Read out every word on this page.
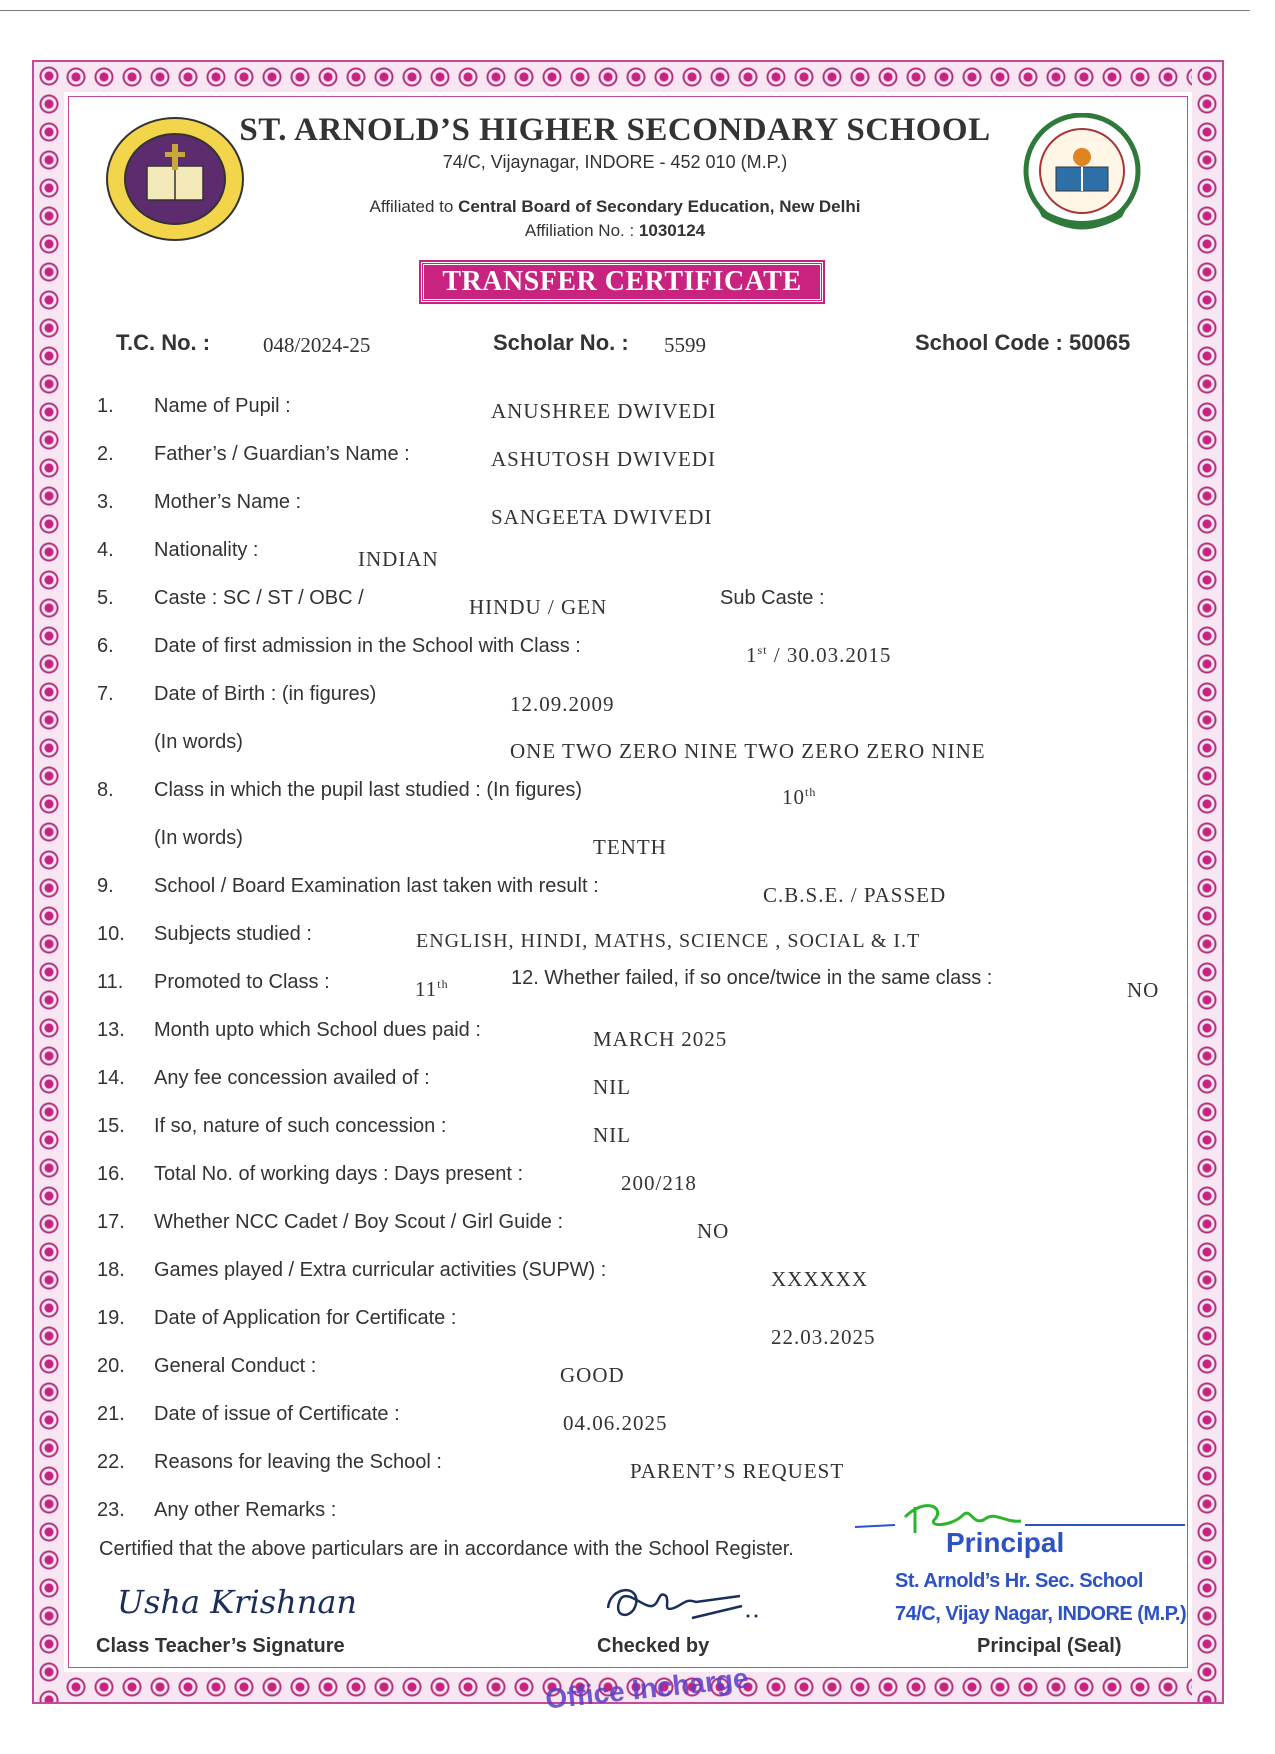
ST. ARNOLD’S HIGHER SECONDARY SCHOOL
74/C, Vijaynagar, INDORE - 452 010 (M.P.)
Affiliated to Central Board of Secondary Education, New Delhi
Affiliation No. : 1030124
TRANSFER CERTIFICATE
T.C. No. :	048/2024-25	Scholar No. : 5599	School Code : 50065
1. Name of Pupil :	ANUSHREE DWIVEDI
2. Father’s / Guardian’s Name :	ASHUTOSH DWIVEDI
3. Mother’s Name :
SANGEETA DWIVEDI
4. Nationality :	INDIAN
5. Caste : SC / ST / OBC /	HINDU / GEN	Sub Caste :
6. Date of first admission in the School with Class :	1st / 30.03.2015
7. Date of Birth : (in figures)	12.09.2009
(In words)	ONE TWO ZERO NINE TWO ZERO ZERO NINE
8. Class in which the pupil last studied : (In figures)	10th
(In words)	TENTH
9. School / Board Examination last taken with result :	C.B.S.E. / PASSED
10. Subjects studied :	ENGLISH, HINDI, MATHS, SCIENCE , SOCIAL & I.T
11. Promoted to Class :	11th	12. Whether failed, if so once/twice in the same class :	NO
13. Month upto which School dues paid :	MARCH 2025
14. Any fee concession availed of :	NIL
15. If so, nature of such concession :	NIL
16. Total No. of working days : Days present :	200/218
17. Whether NCC Cadet / Boy Scout / Girl Guide :	NO
18. Games played / Extra curricular activities (SUPW) :	XXXXXX
19. Date of Application for Certificate :
22.03.2025
20. General Conduct :	GOOD
21. Date of issue of Certificate :	04.06.2025
22. Reasons for leaving the School :	PARENT’S REQUEST
23. Any other Remarks :
Certified that the above particulars are in accordance with the School Register.
Usha Krishnan
Principal
St. Arnold’s Hr. Sec. School
74/C, Vijay Nagar, INDORE (M.P.)
Class Teacher’s Signature	Checked by	Principal (Seal)
Office Incharge
